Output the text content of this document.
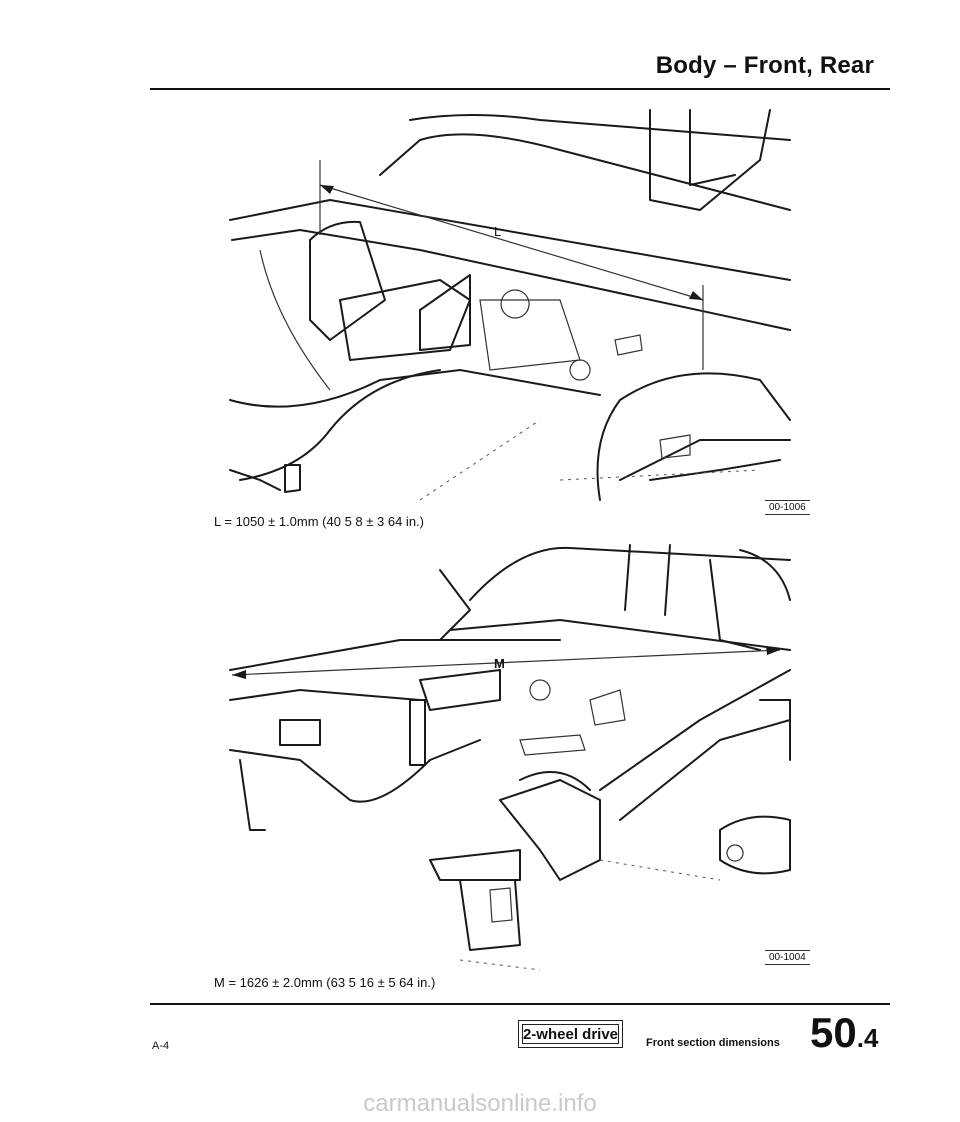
Body – Front, Rear
L
M
L = 1050 ± 1.0mm (40 5 8 ± 3 64 in.)
00-1006
M = 1626 ± 2.0mm (63 5 16 ± 5 64 in.)
00-1004
A-4
2-wheel drive
Front section dimensions 50.4
carmanualsonline.info
